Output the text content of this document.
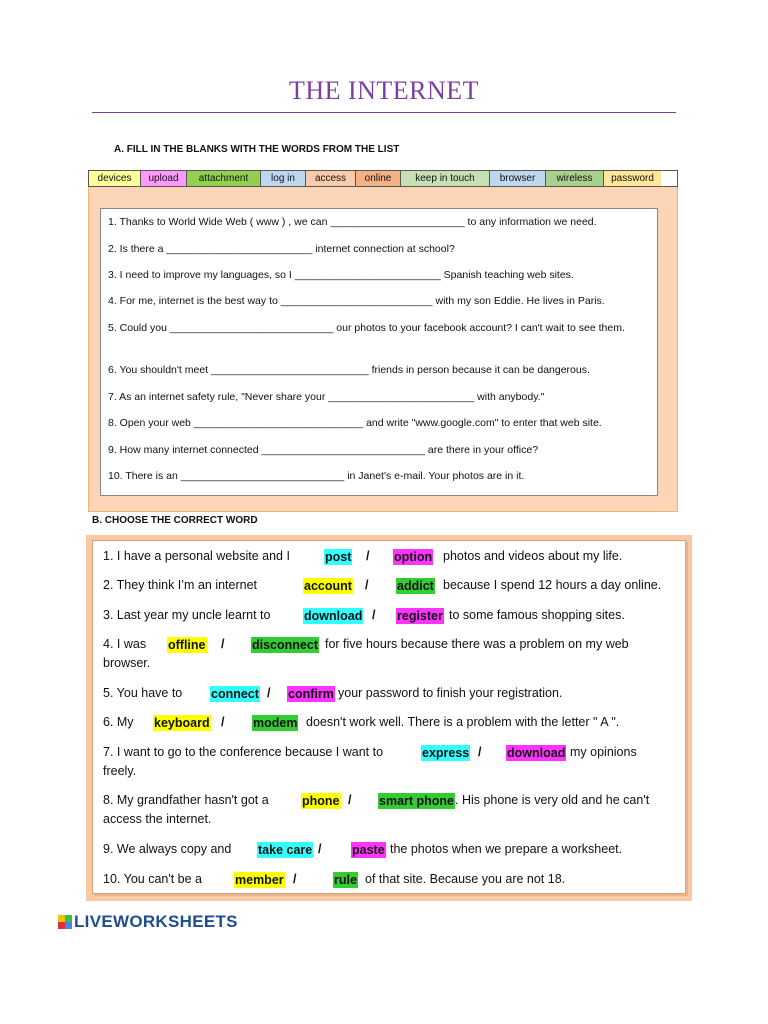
THE INTERNET
A. FILL IN THE BLANKS WITH THE WORDS FROM THE LIST
devices	upload	attachment	log in	access	online	keep in touch	browser	wireless	password
1. Thanks to World Wide Web ( www ) , we can _______________________ to any information we need.
2. Is there a _________________________ internet connection at school?
3. I need to improve my languages, so I _________________________ Spanish teaching web sites.
4. For me, internet is the best way to __________________________ with my son Eddie. He lives in Paris.
5. Could you ____________________________ our photos to your facebook account? I can't wait to see them.
6. You shouldn't meet ___________________________ friends in person because it can be dangerous.
7. As an internet safety rule, "Never share your _________________________ with anybody."
8. Open your web _____________________________ and write "www.google.com" to enter that web site.
9. How many internet connected ____________________________ are there in your office?
10. There is an ____________________________ in Janet's e-mail. Your photos are in it.
B. CHOOSE THE CORRECT WORD
1. I have a personal website and I	post / option photos and videos about my life.
2. They think I’m an internet	account / addict because I spend 12 hours a day online.
3. Last year my uncle learnt to	download / register to some famous shopping sites.
4. I was offline / disconnect for five hours because there was a problem on my web
browser.
5. You have to connect / confirm your password to finish your registration.
6. My keyboard / modem doesn't work well. There is a problem with the letter " A ".
7. I want to go to the conference because I want to	express / download my opinions
freely.
8. My grandfather hasn't got a	phone / smart phone . His phone is very old and he can't
access the internet.
9. We always copy and take care / paste the photos when we prepare a worksheet.
10. You can't be a	member /	rule of that site. Because you are not 18.
LIVEWORKSHEETS
